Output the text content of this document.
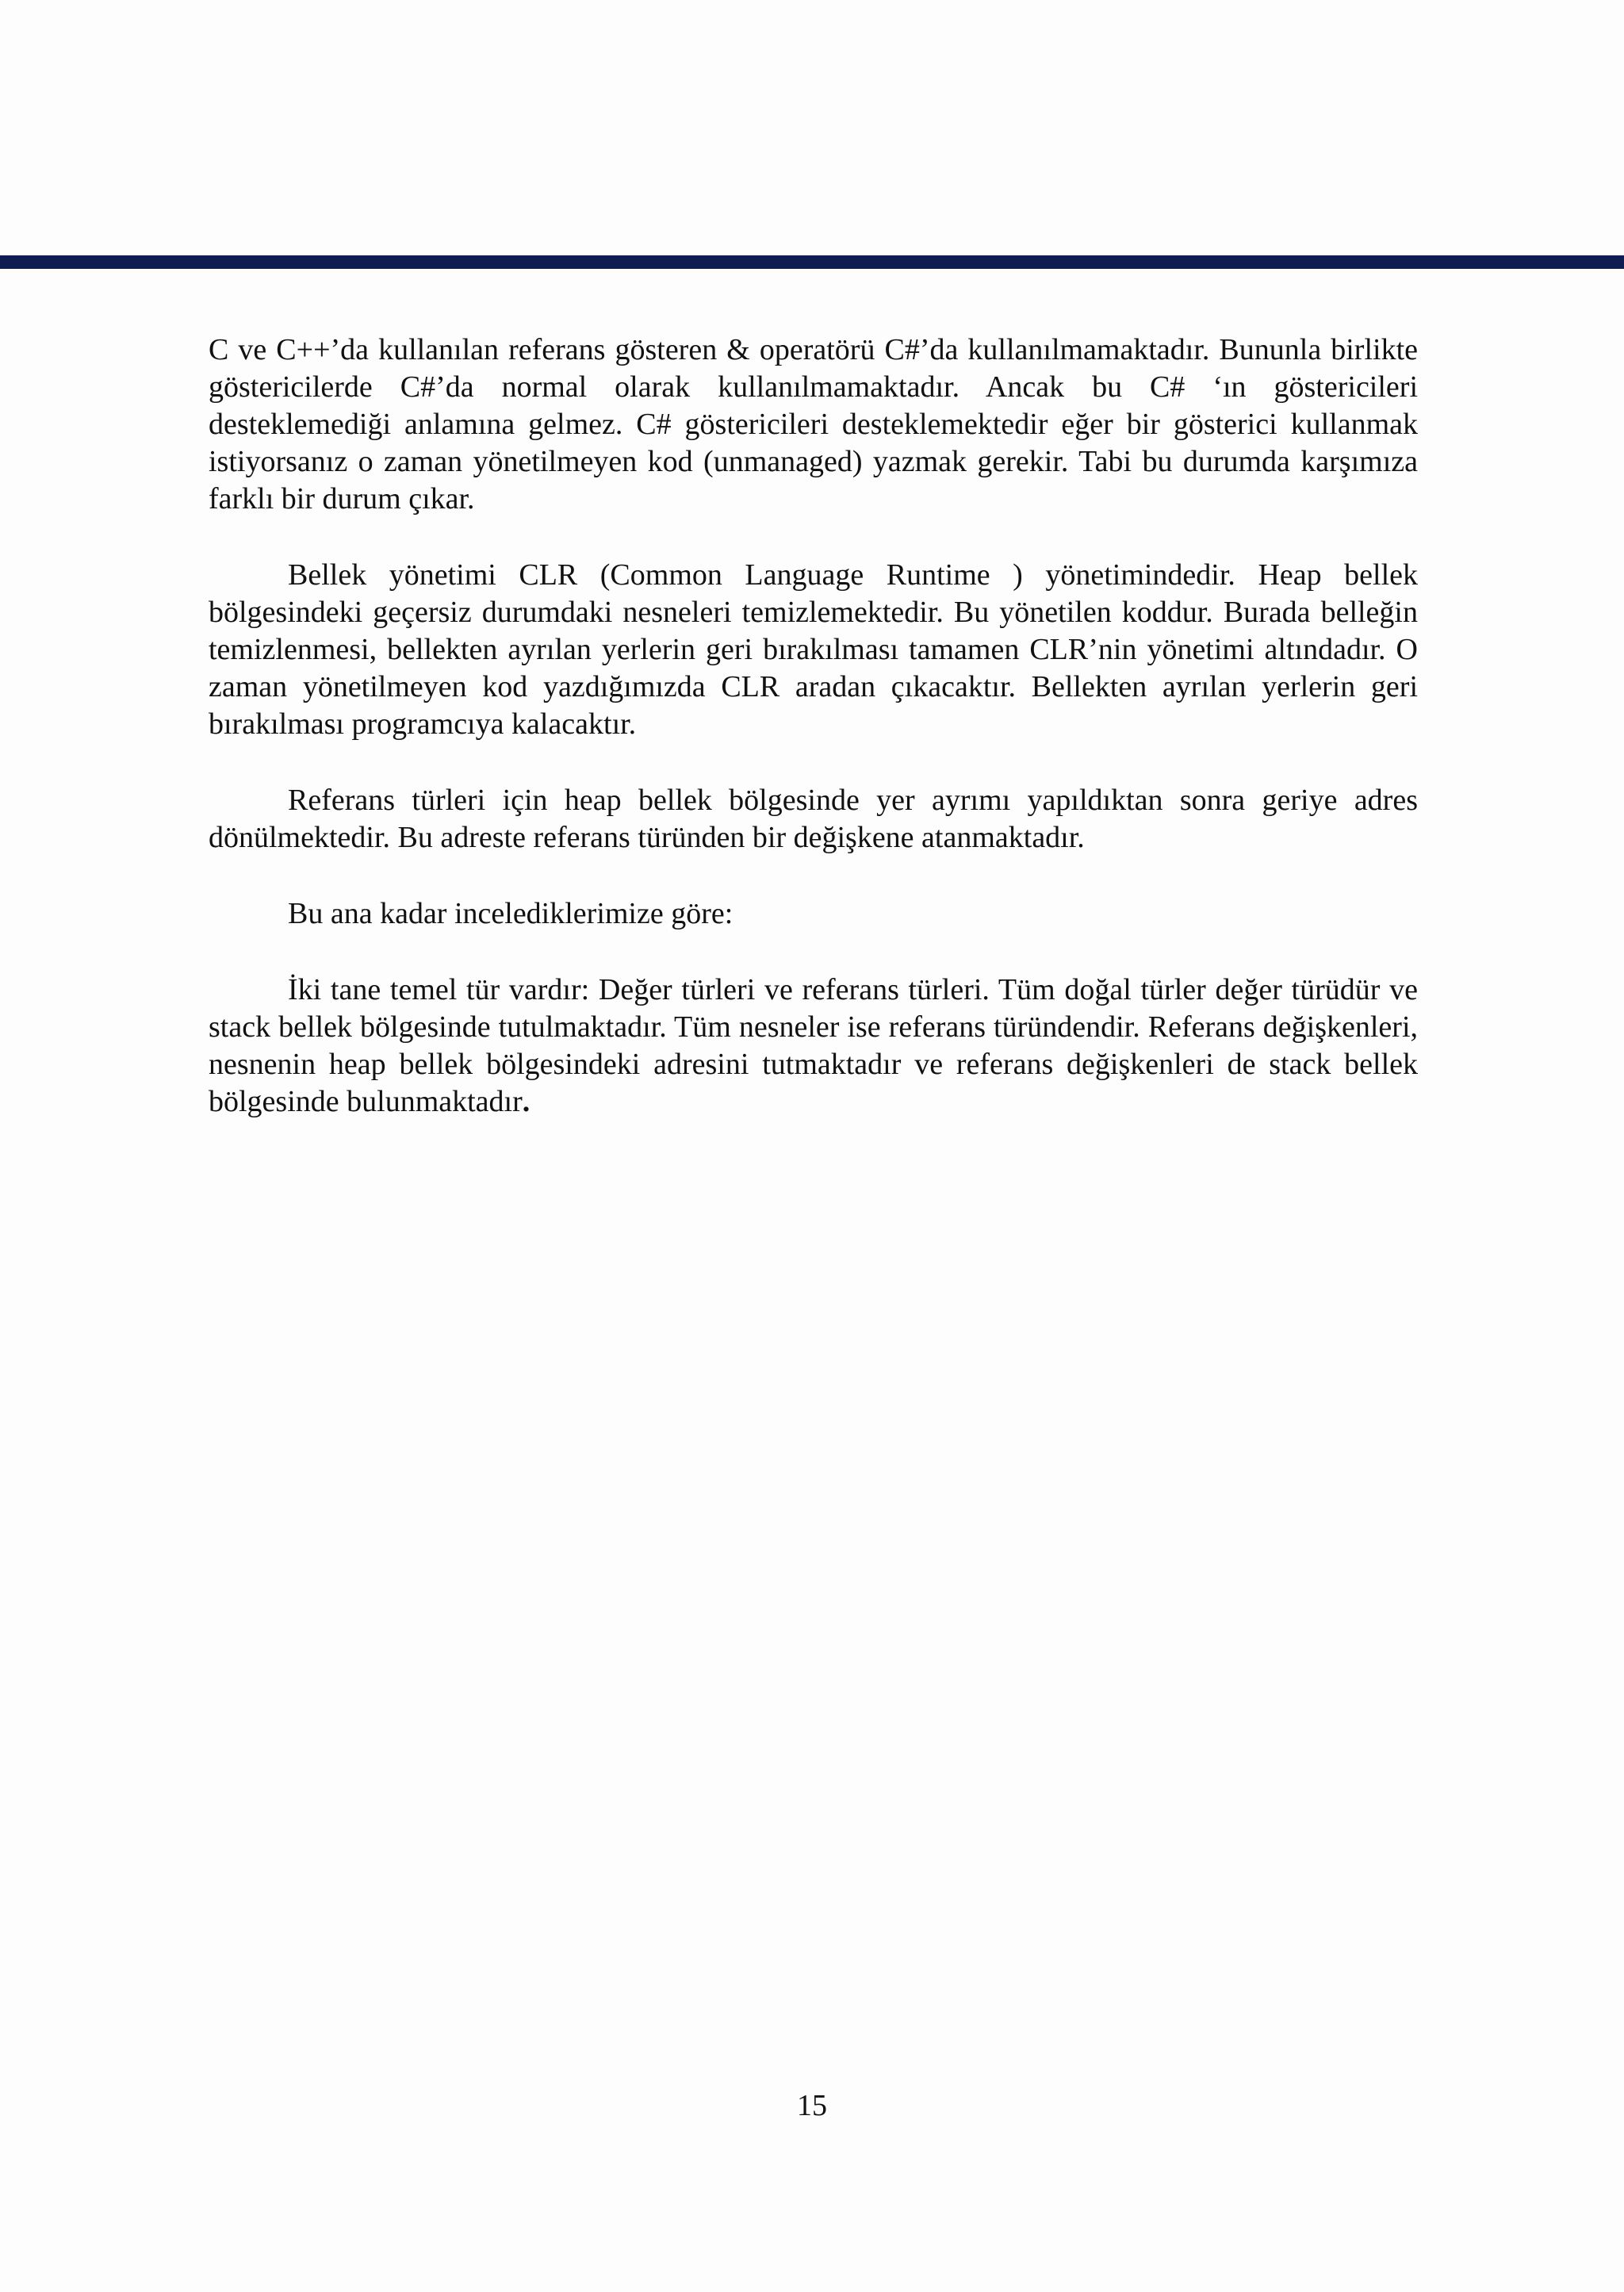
C ve C++’da kullanılan referans gösteren & operatörü C#’da kullanılmamaktadır. Bununla birlikte göstericilerde C#’da normal olarak kullanılmamaktadır. Ancak bu C# ‘ın göstericileri desteklemediği anlamına gelmez. C# göstericileri desteklemektedir eğer bir gösterici kullanmak istiyorsanız o zaman yönetilmeyen kod (unmanaged) yazmak gerekir. Tabi bu durumda karşımıza farklı bir durum çıkar.

Bellek yönetimi CLR (Common Language Runtime ) yönetimindedir. Heap bellek bölgesindeki geçersiz durumdaki nesneleri temizlemektedir. Bu yönetilen koddur. Burada belleğin temizlenmesi, bellekten ayrılan yerlerin geri bırakılması tamamen CLR’nin yönetimi altındadır. O zaman yönetilmeyen kod yazdığımızda CLR aradan çıkacaktır. Bellekten ayrılan yerlerin geri bırakılması programcıya kalacaktır.

Referans türleri için heap bellek bölgesinde yer ayrımı yapıldıktan sonra geriye adres dönülmektedir. Bu adreste referans türünden bir değişkene atanmaktadır.

Bu ana kadar incelediklerimize göre:

İki tane temel tür vardır: Değer türleri ve referans türleri. Tüm doğal türler değer türüdür ve stack bellek bölgesinde tutulmaktadır. Tüm nesneler ise referans türündendir. Referans değişkenleri, nesnenin heap bellek bölgesindeki adresini tutmaktadır ve referans değişkenleri de stack bellek bölgesinde bulunmaktadır.

15
